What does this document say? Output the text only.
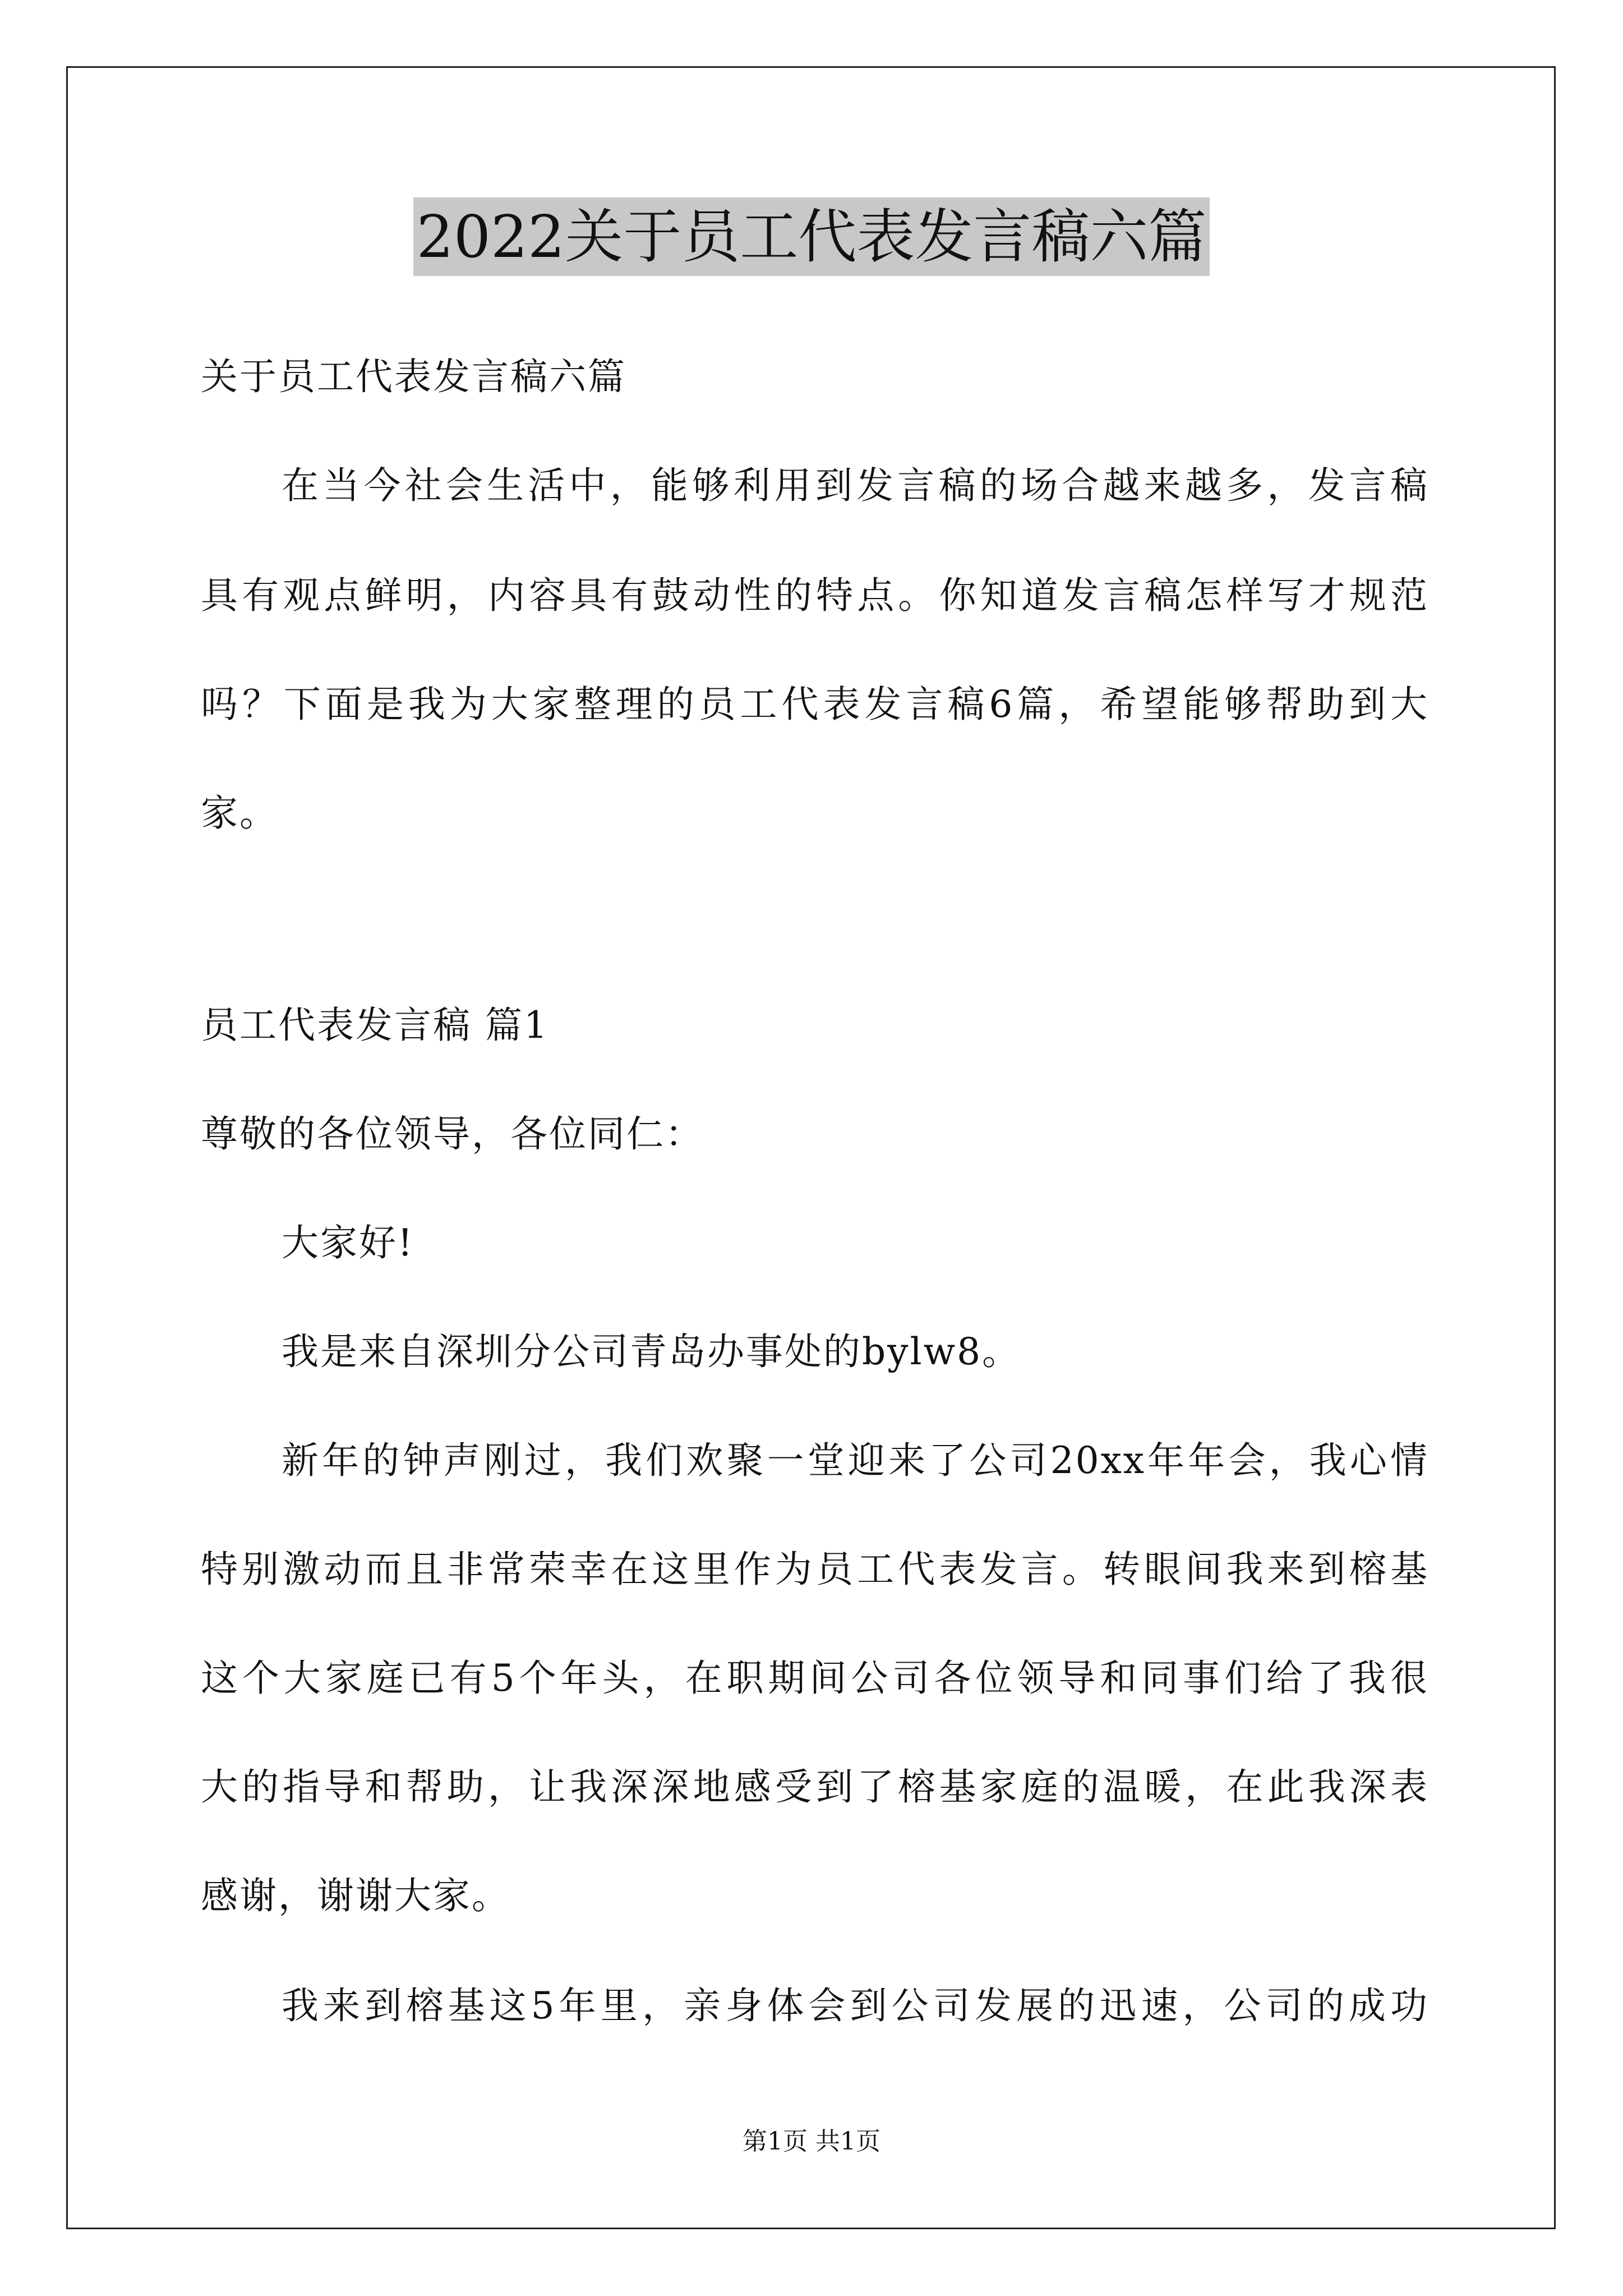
2022关于员工代表发言稿六篇
关于员工代表发言稿六篇
在当今社会生活中，能够利用到发言稿的场合越来越多，发言稿
具有观点鲜明，内容具有鼓动性的特点。你知道发言稿怎样写才规范
吗？下面是我为大家整理的员工代表发言稿6篇，希望能够帮助到大
家。
员工代表发言稿 篇1
尊敬的各位领导，各位同仁：
大家好!
我是来自深圳分公司青岛办事处的bylw8。
新年的钟声刚过，我们欢聚一堂迎来了公司20xx年年会，我心情
特别激动而且非常荣幸在这里作为员工代表发言。转眼间我来到榕基
这个大家庭已有5个年头，在职期间公司各位领导和同事们给了我很
大的指导和帮助，让我深深地感受到了榕基家庭的温暖，在此我深表
感谢，谢谢大家。
我来到榕基这5年里，亲身体会到公司发展的迅速，公司的成功
第1页 共1页
